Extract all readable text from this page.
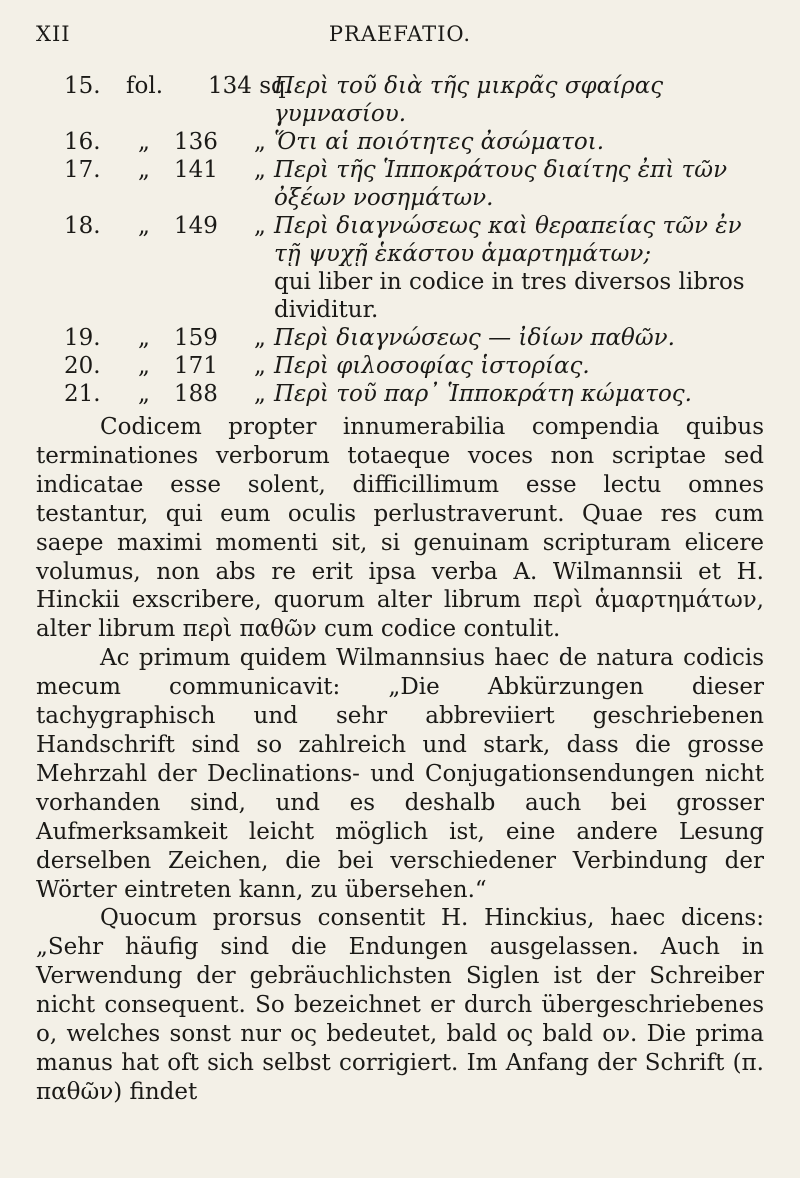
XII	PRAEFATIO.
15. fol. 134 sq.
Περὶ τοῦ διὰ τῆς μικρᾶς σφαίρας γυμνασίου.
16. „ 136 „ Ὅτι αἱ ποιότητες ἀσώματοι.
17. „ 141 „ Περὶ τῆς Ἱπποκράτους διαίτης ἐπὶ τῶν ὀξέων νοσημάτων.
18. „ 149 „ Περὶ διαγνώσεως καὶ θεραπείας τῶν ἐν τῇ ψυχῇ ἑκάστου ἁμαρτημάτων;
qui liber in codice in tres diversos libros dividitur.
19. „ 159 „ Περὶ διαγνώσεως — ἰδίων παθῶν.
20. „ 171 „ Περὶ φιλοσοφίας ἱστορίας.
21. „ 188 „ Περὶ τοῦ παρ᾽ Ἱπποκράτη κώματος.

Codicem propter innumerabilia compendia quibus terminationes verborum totaeque voces non scriptae sed indicatae esse solent, difficillimum esse lectu omnes testantur, qui eum oculis perlustraverunt. Quae res cum saepe maximi momenti sit, si genuinam scripturam elicere volumus, non abs re erit ipsa verba A. Wilmannsii et H. Hinckii exscribere, quorum alter librum περὶ ἁμαρτημάτων, alter librum περὶ παθῶν cum codice contulit.

Ac primum quidem Wilmannsius haec de natura codicis mecum communicavit: „Die Abkürzungen dieser tachygraphisch und sehr abbreviiert geschriebenen Handschrift sind so zahlreich und stark, dass die grosse Mehrzahl der Declinations- und Conjugationsendungen nicht vorhanden sind, und es deshalb auch bei grosser Aufmerksamkeit leicht möglich ist, eine andere Lesung derselben Zeichen, die bei verschiedener Verbindung der Wörter eintreten kann, zu übersehen.“

Quocum prorsus consentit H. Hinckius, haec dicens: „Sehr häufig sind die Endungen ausgelassen. Auch in Verwendung der gebräuchlichsten Siglen ist der Schreiber nicht consequent. So bezeichnet er durch übergeschriebenes o, welches sonst nur ος bedeutet, bald ος bald ον. Die prima manus hat oft sich selbst corrigiert. Im Anfang der Schrift (π. παθῶν) findet
